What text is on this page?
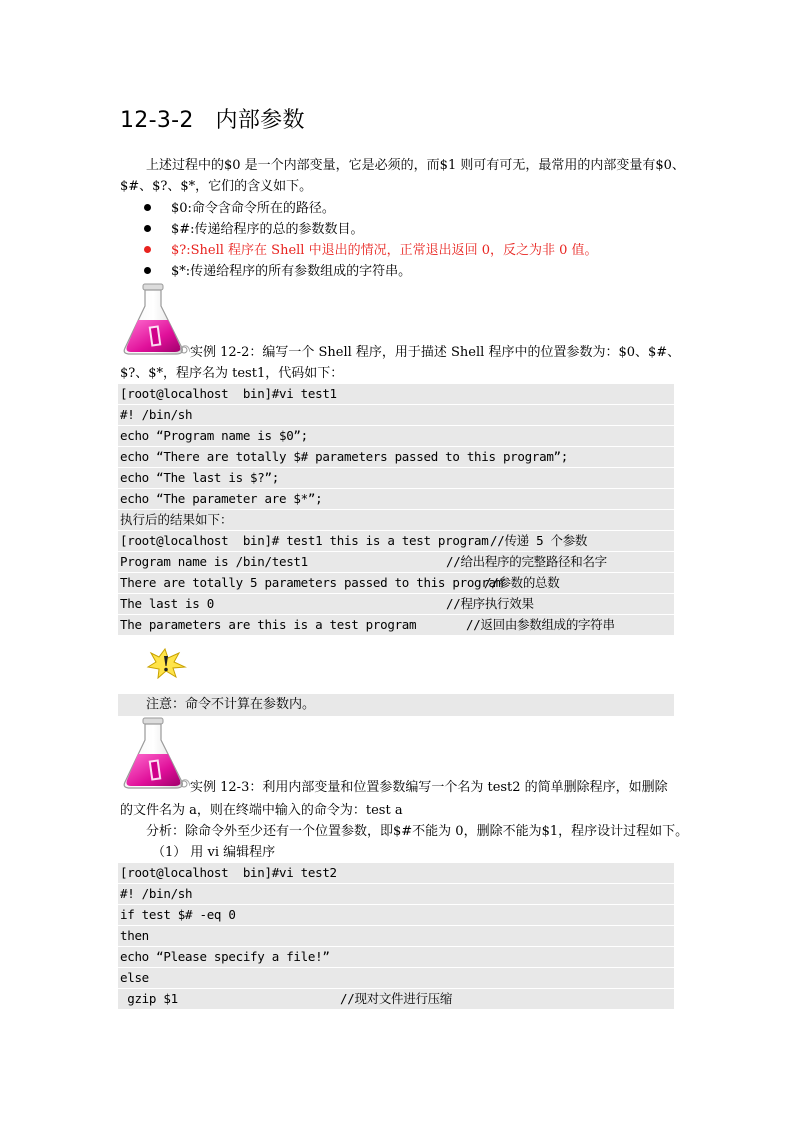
12-3-2   内部参数
上述过程中的$0 是一个内部变量，它是必须的，而$1 则可有可无，最常用的内部变量有$0、
$#、$?、$*，它们的含义如下。
$0:命令含命令所在的路径。
$#:传递给程序的总的参数数目。
$?:Shell 程序在 Shell 中退出的情况，正常退出返回 0，反之为非 0 值。
$*:传递给程序的所有参数组成的字符串。
实例 12-2：编写一个 Shell 程序，用于描述 Shell 程序中的位置参数为：$0、$#、
$?、$*，程序名为 test1，代码如下：
[root@localhost  bin]#vi test1
#! /bin/sh
echo “Program name is $0”;
echo “There are totally $# parameters passed to this program”;
echo “The last is $?”;
echo “The parameter are $*”;
执行后的结果如下：
[root@localhost  bin]# test1 this is a test program //传递 5 个参数
Program name is /bin/test1	//给出程序的完整路径和名字
There are totally 5 parameters passed to this program
//参数的总数
The last is 0	//程序执行效果
The parameters are this is a test program	//返回由参数组成的字符串
注意：命令不计算在参数内。
实例 12-3：利用内部变量和位置参数编写一个名为 test2 的简单删除程序，如删除
的文件名为 a，则在终端中输入的命令为：test a
分析：除命令外至少还有一个位置参数，即$#不能为 0，删除不能为$1，程序设计过程如下。
（1） 用 vi 编辑程序
[root@localhost  bin]#vi test2
#! /bin/sh
if test $# -eq 0
then
echo “Please specify a file!”
else
gzip $1	//现对文件进行压缩
